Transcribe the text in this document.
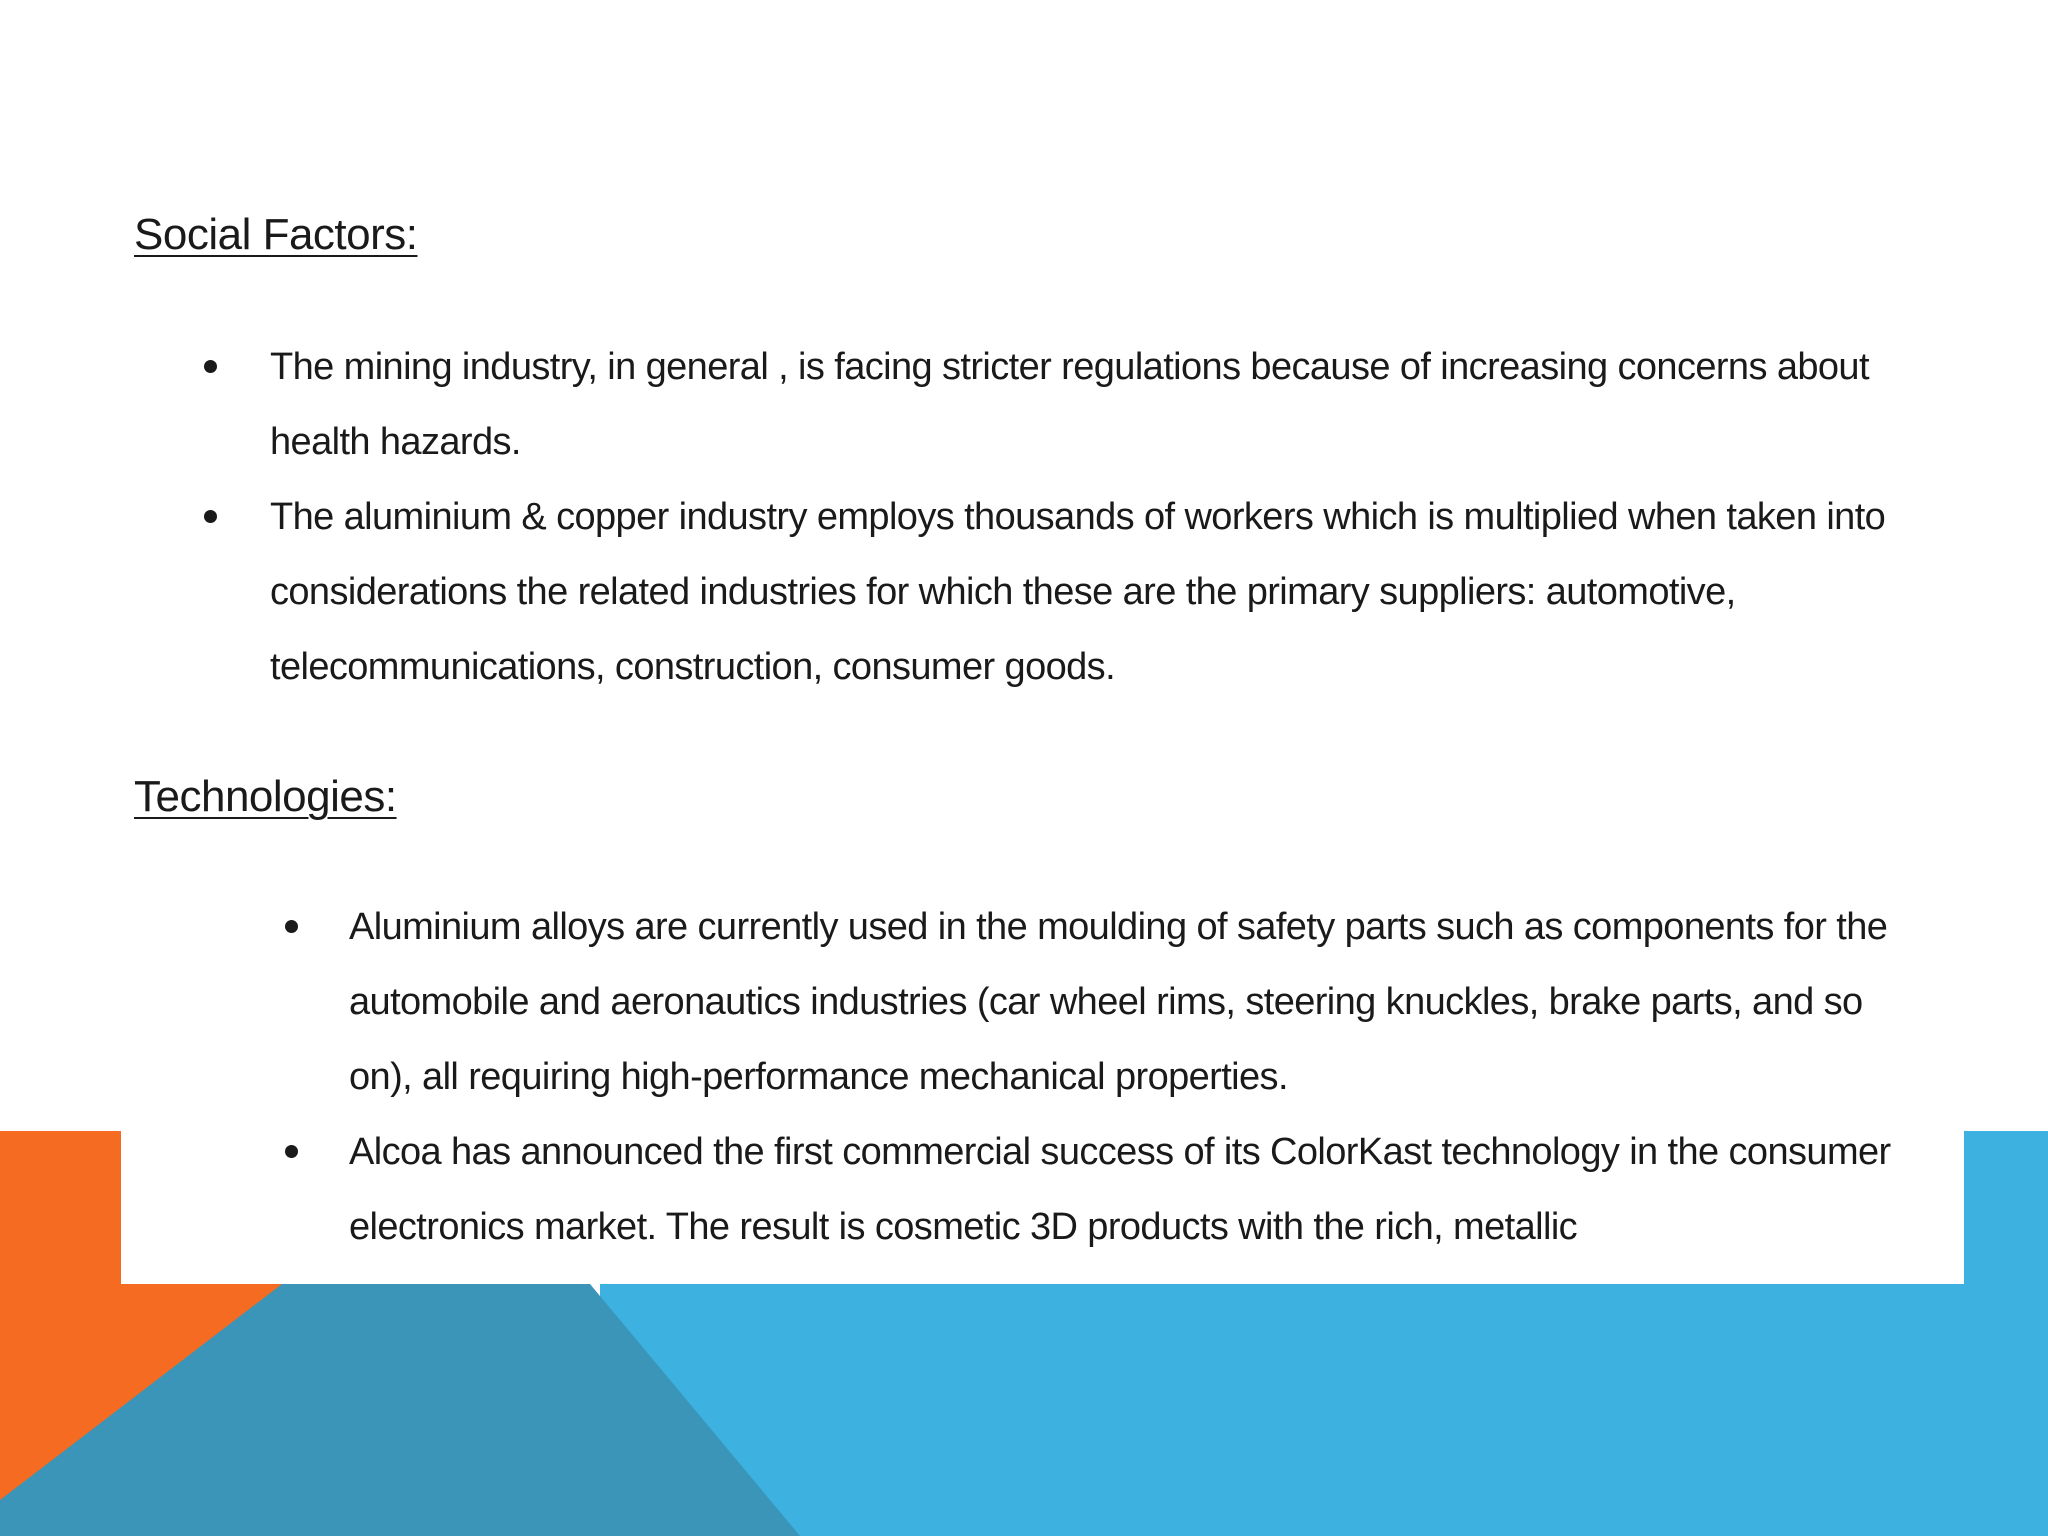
Social Factors:
The mining industry, in general , is facing stricter regulations because of increasing concerns about health hazards.
The aluminium & copper industry employs thousands of workers which is multiplied when taken into considerations the related industries for which these are the primary suppliers: automotive, telecommunications, construction, consumer goods.
Technologies:
Aluminium alloys are currently used in the moulding of safety parts such as components for the automobile and aeronautics industries (car wheel rims, steering knuckles, brake parts, and so on), all requiring high-performance mechanical properties.
Alcoa has announced the first commercial success of its ColorKast technology in the consumer electronics market. The result is cosmetic 3D products with the rich, metallic
